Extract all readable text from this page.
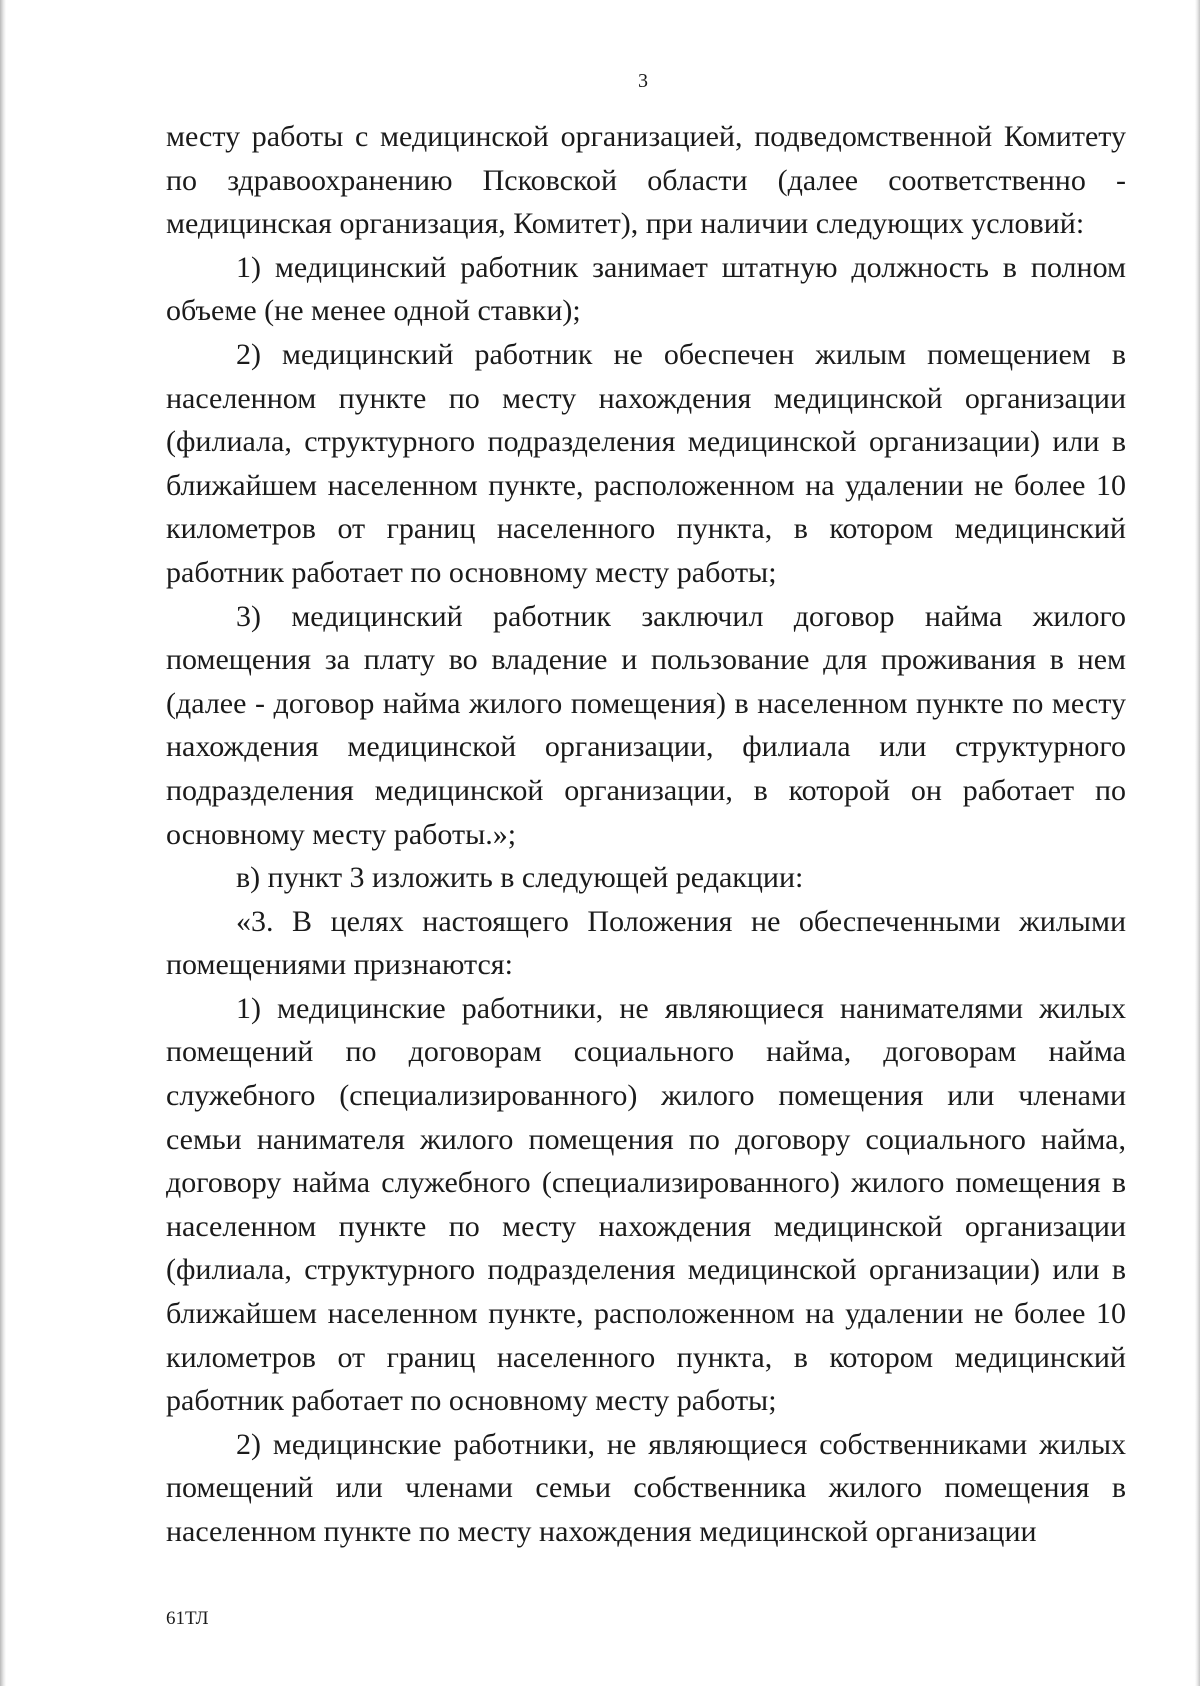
3

месту работы с медицинской организацией, подведомственной Комитету по здравоохранению Псковской области (далее соответственно - медицинская организация, Комитет), при наличии следующих условий:

1) медицинский работник занимает штатную должность в полном объеме (не менее одной ставки);

2) медицинский работник не обеспечен жилым помещением в населенном пункте по месту нахождения медицинской организации (филиала, структурного подразделения медицинской организации) или в ближайшем населенном пункте, расположенном на удалении не более 10 километров от границ населенного пункта, в котором медицинский работник работает по основному месту работы;

3) медицинский работник заключил договор найма жилого помещения за плату во владение и пользование для проживания в нем (далее - договор найма жилого помещения) в населенном пункте по месту нахождения медицинской организации, филиала или структурного подразделения медицинской организации, в которой он работает по основному месту работы.»;

в) пункт 3 изложить в следующей редакции:

«3. В целях настоящего Положения не обеспеченными жилыми помещениями признаются:

1) медицинские работники, не являющиеся нанимателями жилых помещений по договорам социального найма, договорам найма служебного (специализированного) жилого помещения или членами семьи нанимателя жилого помещения по договору социального найма, договору найма служебного (специализированного) жилого помещения в населенном пункте по месту нахождения медицинской организации (филиала, структурного подразделения медицинской организации) или в ближайшем населенном пункте, расположенном на удалении не более 10 километров от границ населенного пункта, в котором медицинский работник работает по основному месту работы;

2) медицинские работники, не являющиеся собственниками жилых помещений или членами семьи собственника жилого помещения в населенном пункте по месту нахождения медицинской организации

61ТЛ
